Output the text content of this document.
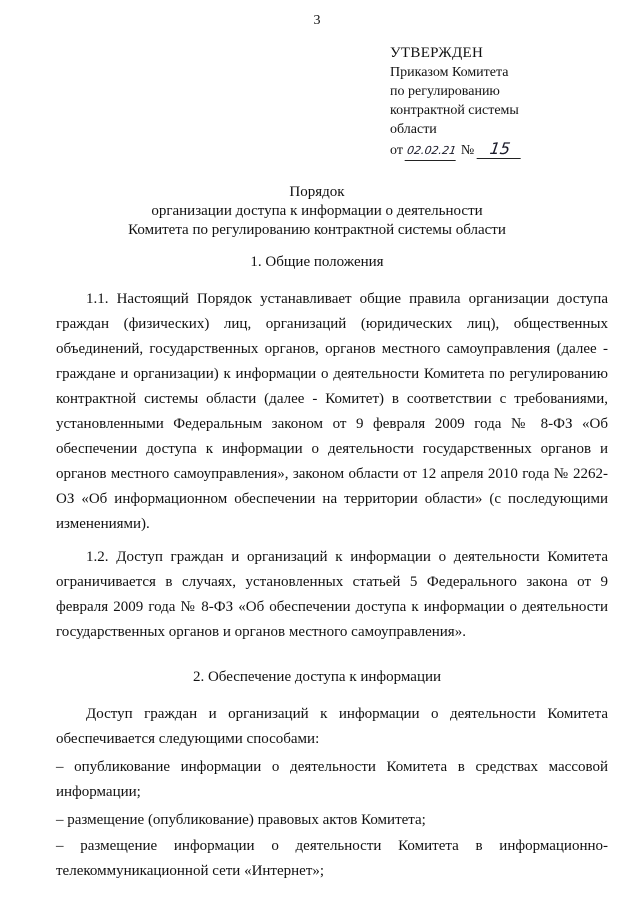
3
УТВЕРЖДЕН
Приказом Комитета
по регулированию
контрактной системы
области
от 02.02.21 № 15
Порядок
организации доступа к информации о деятельности
Комитета по регулированию контрактной системы области
1. Общие положения

1.1. Настоящий Порядок устанавливает общие правила организации доступа граждан (физических) лиц, организаций (юридических лиц), общественных объединений, государственных органов, органов местного самоуправления (далее - граждане и организации) к информации о деятельности Комитета по регулированию контрактной системы области (далее - Комитет) в соответствии с требованиями, установленными Федеральным законом от 9 февраля 2009 года № 8-ФЗ «Об обеспечении доступа к информации о деятельности государственных органов и органов местного самоуправления», законом области от 12 апреля 2010 года № 2262-ОЗ «Об информационном обеспечении на территории области» (с последующими изменениями).

1.2. Доступ граждан и организаций к информации о деятельности Комитета ограничивается в случаях, установленных статьей 5 Федерального закона от 9 февраля 2009 года № 8-ФЗ «Об обеспечении доступа к информации о деятельности государственных органов и органов местного самоуправления».

2. Обеспечение доступа к информации

Доступ граждан и организаций к информации о деятельности Комитета обеспечивается следующими способами:

– опубликование информации о деятельности Комитета в средствах массовой информации;

– размещение (опубликование) правовых актов Комитета;

– размещение информации о деятельности Комитета в информационно-телекоммуникационной сети «Интернет»;
